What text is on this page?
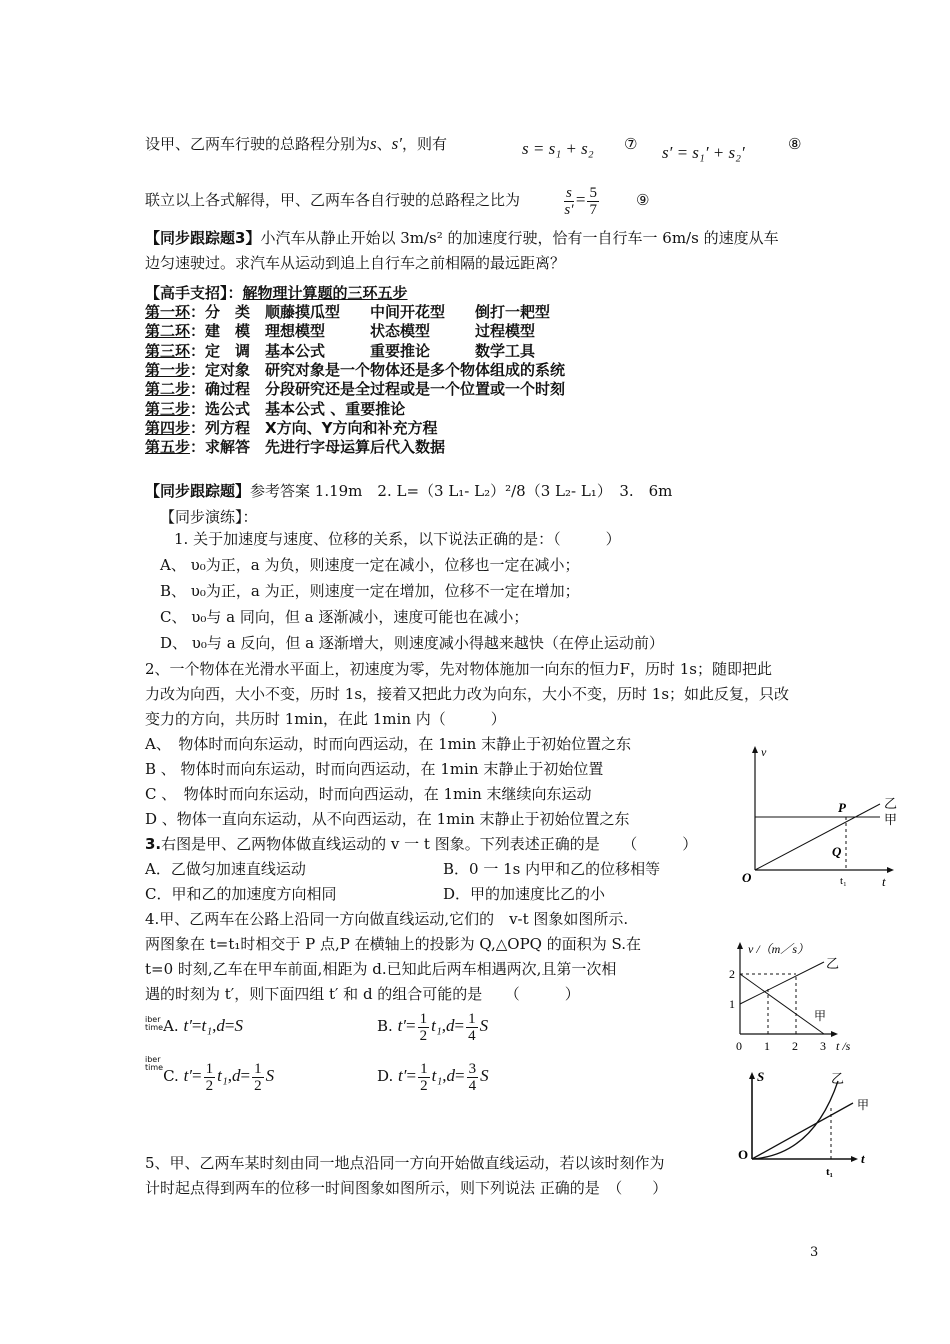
设甲、乙两车行驶的总路程分别为s、s′，则有	s = s₁ + s₂ ⑦ s′ = s₁′ + s₂′	⑧
联立以上各式解得，甲、乙两车各自行驶的总路程之比为	$\frac{s}{s'} = \frac{5}{7}$ ⑨
【同步跟踪题3】小汽车从静止开始以 3m/s² 的加速度行驶，恰有一自行车一 6m/s 的速度从车
边匀速驶过。求汽车从运动到追上自行车之前相隔的最远距离？
【高手支招】：解物理计算题的三环五步
第一环：分　类　顺藤摸瓜型　　中间开花型　　倒打一耙型
第二环：建　模　理想模型　　　状态模型　　　过程模型
第三环：定　调　基本公式　　　重要推论　　　数学工具
第一步：定对象　研究对象是一个物体还是多个物体组成的系统
第二步：确过程　分段研究还是全过程或是一个位置或一个时刻
第三步：选公式　基本公式 、重要推论
第四步：列方程　X方向、Y方向和补充方程
第五步：求解答　先进行字母运算后代入数据
【同步跟踪题】参考答案 1.19m　2. L=（3 L₁- L₂）²/8（3 L₂- L₁）　3.　6m
【同步演练】：
1. 关于加速度与速度、位移的关系，以下说法正确的是：（　　　）
A、 υ₀为正，a 为负，则速度一定在减小，位移也一定在减小；
B、 υ₀为正，a 为正，则速度一定在增加，位移不一定在增加；
C、 υ₀与 a 同向，但 a 逐渐减小，速度可能也在减小；
D、 υ₀与 a 反向，但 a 逐渐增大，则速度减小得越来越快（在停止运动前）
2、一个物体在光滑水平面上，初速度为零，先对物体施加一向东的恒力F，历时 1s；随即把此
力改为向西，大小不变，历时 1s，接着又把此力改为向东，大小不变，历时 1s；如此反复，只改
变力的方向，共历时 1min，在此 1min 内（　　　）
A、　物体时而向东运动，时而向西运动，在 1min 末静止于初始位置之东
B 、 物体时而向东运动，时而向西运动，在 1min 末静止于初始位置
C 、　物体时而向东运动，时而向西运动，在 1min 末继续向东运动
D 、物体一直向东运动，从不向西运动，在 1min 末静止于初始位置之东
3.右图是甲、乙两物体做直线运动的 v 一 t 图象。下列表述正确的是　　（　　　）
A．乙做匀加速直线运动	B．0 一 1s 内甲和乙的位移相等
C．甲和乙的加速度方向相同	D．甲的加速度比乙的小
4.甲、乙两车在公路上沿同一方向做直线运动,它们的　v-t 图象如图所示.
两图象在 t=t₁时相交于 P 点,P 在横轴上的投影为 Q,△OPQ 的面积为 S.在
t=0 时刻,乙车在甲车前面,相距为 d.已知此后两车相遇两次,且第一次相
遇的时刻为 t′，则下面四组 t′ 和 d 的组合可能的是　　（　　　）
iber
timeA. t′=t₁,d=S	B. $t'= \frac{1}{2} t_1,d= \frac{1}{4}$ S
iber
timeC. $t'= \frac{1}{2} t_1,d= \frac{1}{2}$ S	D. $t'= \frac{1}{2} t_1,d= \frac{3}{4}$ S
5、甲、乙两车某时刻由同一地点沿同一方向开始做直线运动，若以该时刻作为
计时起点得到两车的位移一时间图象如图所示，则下列说法 正确的是　（　　）
v
t
O
P
Q
t₁
乙
甲
v /（m／s）
2
1
0 1 2 3 t /s
乙
甲
S
O	t
t₁
乙
甲
3
